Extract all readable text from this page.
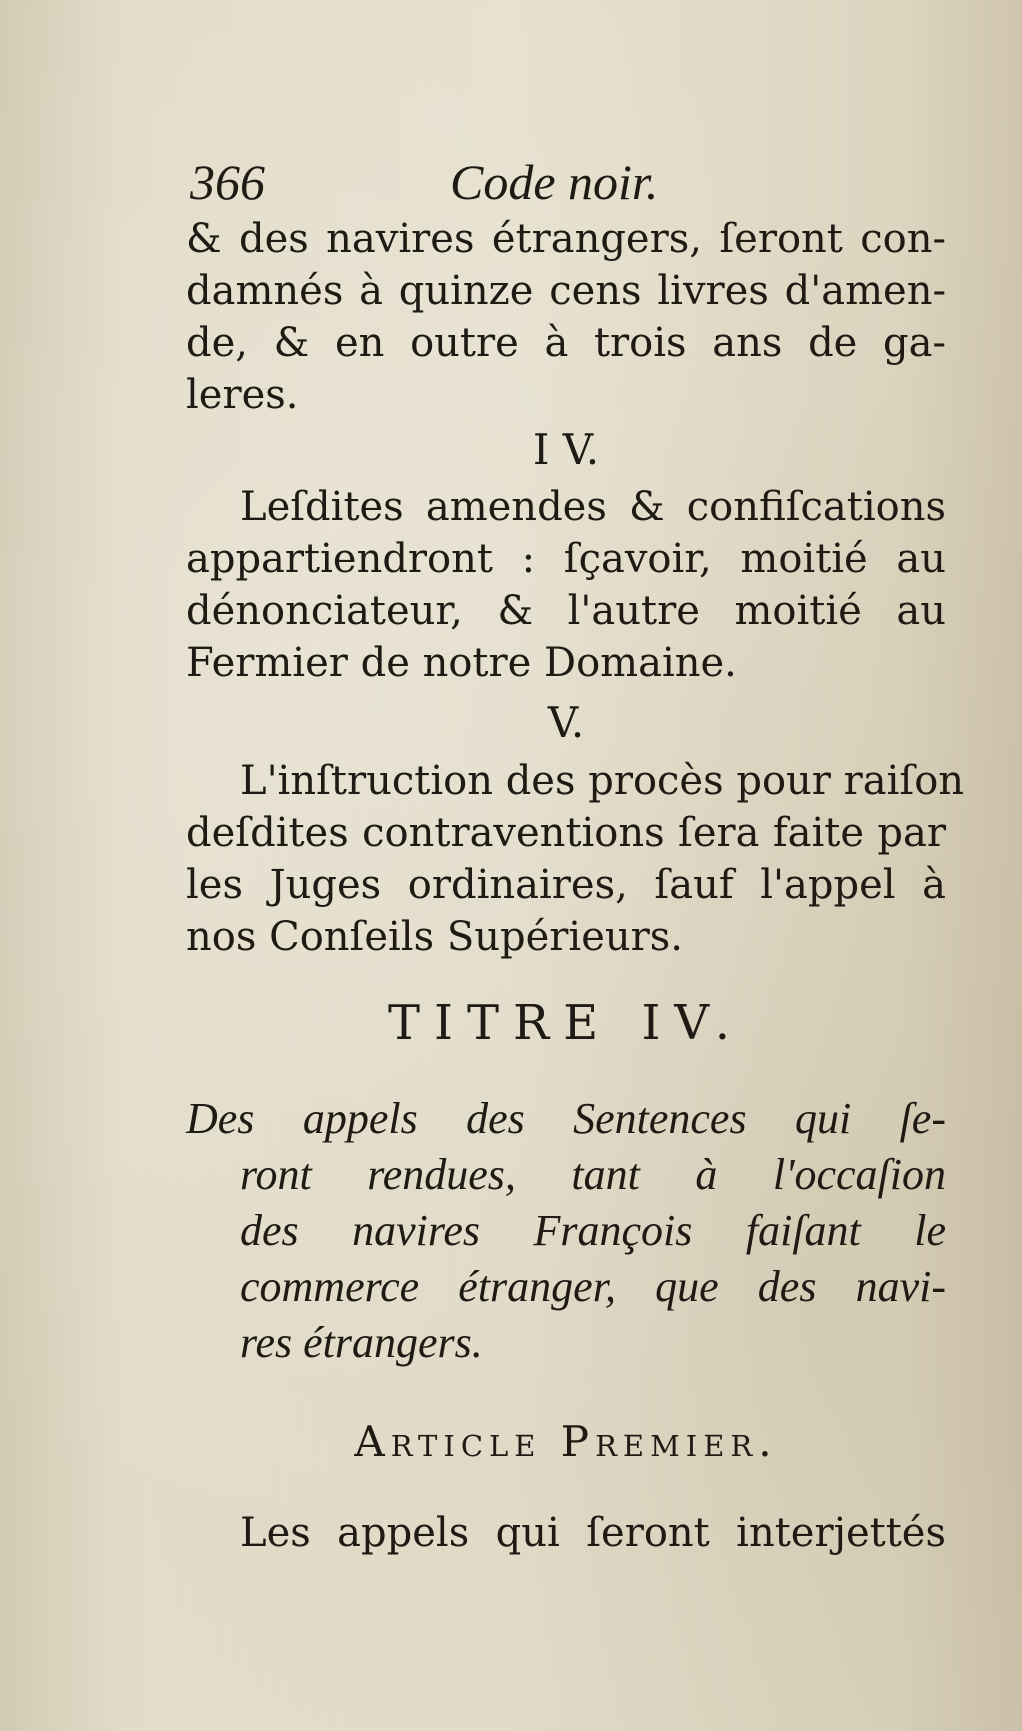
366	Code noir.
& des navires étrangers, ſeront con-
damnés à quinze cens livres d'amen-
de, & en outre à trois ans de ga-
leres.
I V.
Leſdites amendes & confiſcations
appartiendront : ſçavoir, moitié au
dénonciateur, & l'autre moitié au
Fermier de notre Domaine.
V.
L'inſtruction des procès pour raiſon
deſdites contraventions ſera faite par
les Juges ordinaires, ſauf l'appel à
nos Conſeils Supérieurs.
TITRE IV.
Des appels des Sentences qui ſe-
ront rendues, tant à l'occaſion
des navires François faiſant le
commerce étranger, que des navi-
res étrangers.
Article Premier.
Les appels qui ſeront interjettés
